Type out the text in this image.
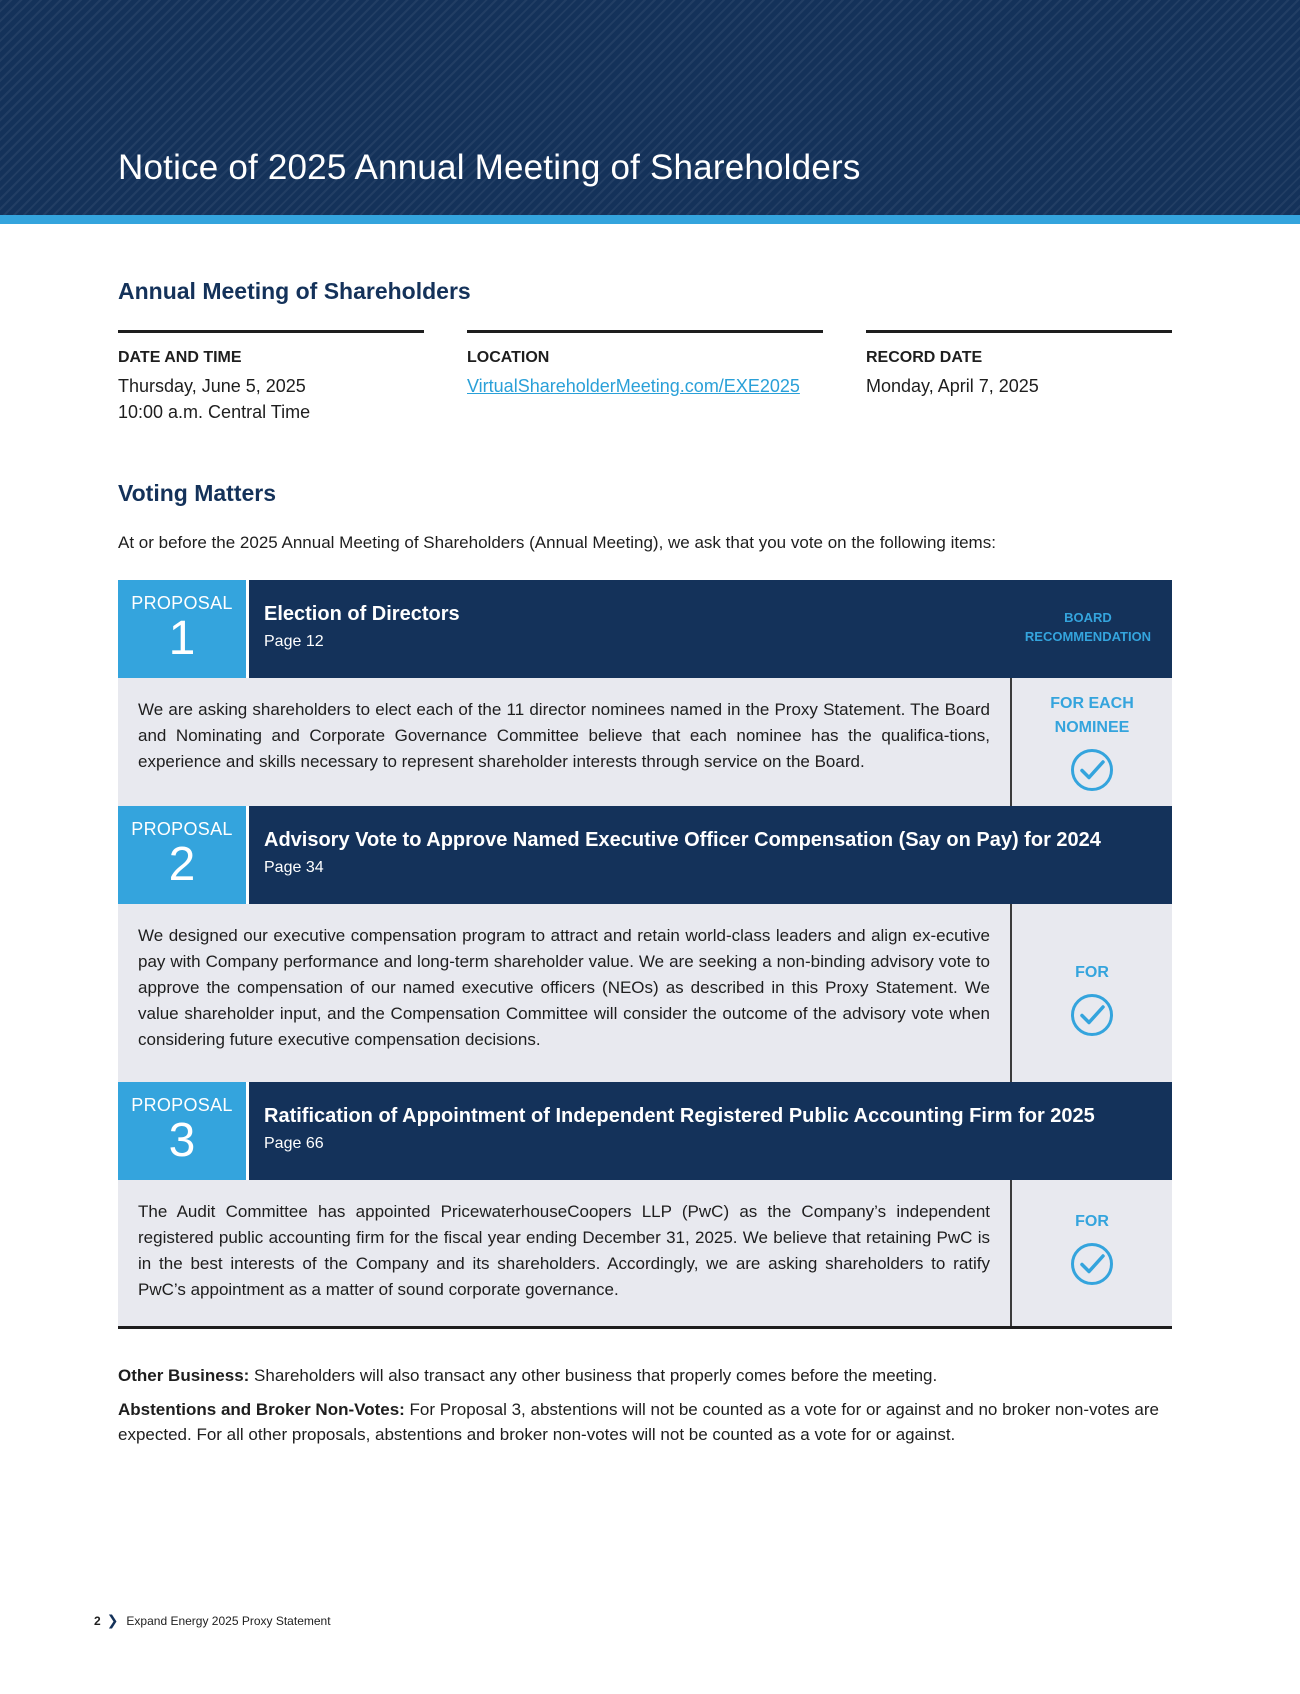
Notice of 2025 Annual Meeting of Shareholders
Annual Meeting of Shareholders
DATE AND TIME
Thursday, June 5, 2025
10:00 a.m. Central Time
LOCATION
VirtualShareholderMeeting.com/EXE2025
RECORD DATE
Monday, April 7, 2025
Voting Matters

At or before the 2025 Annual Meeting of Shareholders (Annual Meeting), we ask that you vote on the following items:

PROPOSAL
1	Election of Directors
Page 12
BOARD RECOMMENDATION
We are asking shareholders to elect each of the 11 director nominees named in the Proxy Statement. The Board and Nominating and Corporate Governance Committee believe that each nominee has the qualifica-tions, experience and skills necessary to represent shareholder interests through service on the Board.
FOR EACH NOMINEE
PROPOSAL
2	Advisory Vote to Approve Named Executive Officer Compensation (Say on Pay) for 2024
Page 34
We designed our executive compensation program to attract and retain world-class leaders and align ex-ecutive pay with Company performance and long-term shareholder value. We are seeking a non-binding advisory vote to approve the compensation of our named executive officers (NEOs) as described in this Proxy Statement. We value shareholder input, and the Compensation Committee will consider the outcome of the advisory vote when considering future executive compensation decisions.
FOR
PROPOSAL
3	Ratification of Appointment of Independent Registered Public Accounting Firm for 2025
Page 66
The Audit Committee has appointed PricewaterhouseCoopers LLP (PwC) as the Company’s independent registered public accounting firm for the fiscal year ending December 31, 2025. We believe that retaining PwC is in the best interests of the Company and its shareholders. Accordingly, we are asking shareholders to ratify PwC’s appointment as a matter of sound corporate governance.
FOR

Other Business: Shareholders will also transact any other business that properly comes before the meeting.

Abstentions and Broker Non-Votes: For Proposal 3, abstentions will not be counted as a vote for or against and no broker non-votes are expected. For all other proposals, abstentions and broker non-votes will not be counted as a vote for or against.

2 ❯ Expand Energy 2025 Proxy Statement
